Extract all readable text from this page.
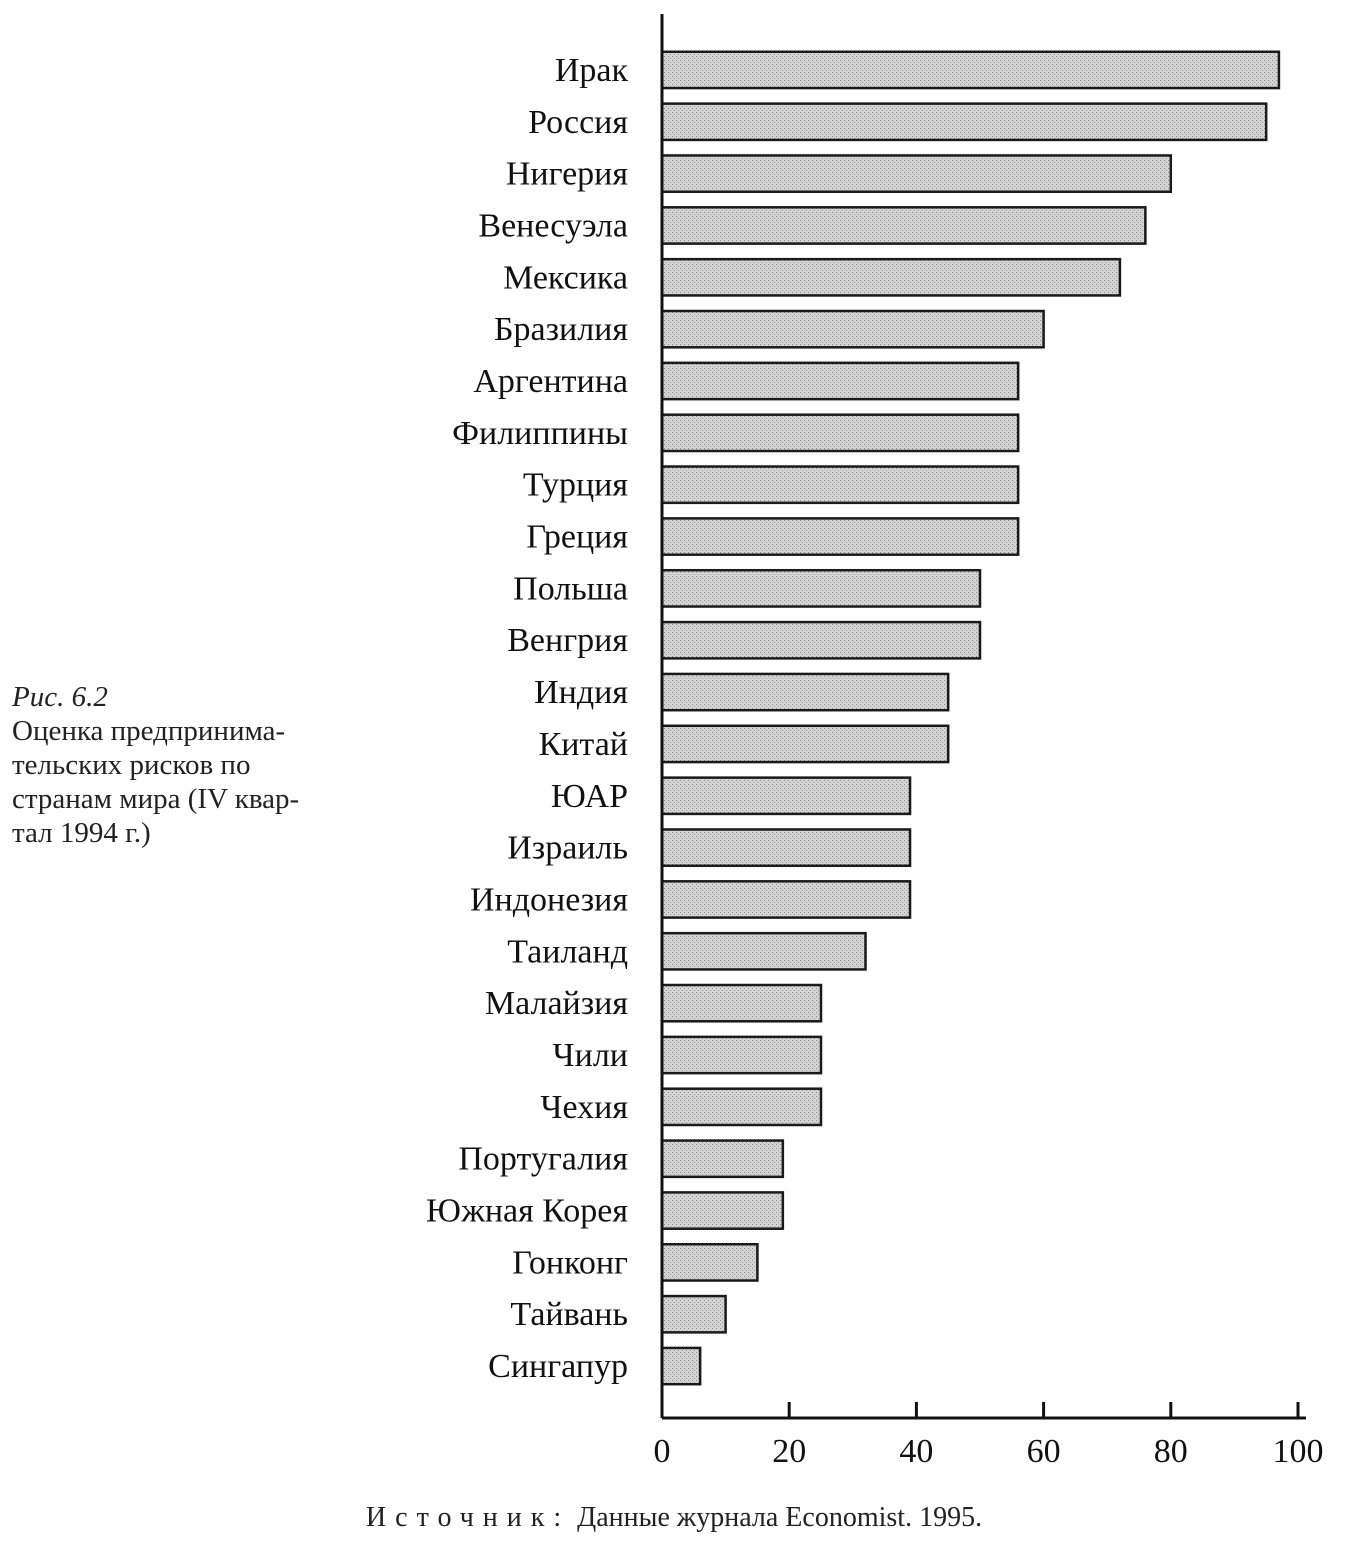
Рис. 6.2
Оценка предпринима-
тельских рисков по
странам мира (IV квар-
тал 1994 г.)
Ирак
Россия
Нигерия
Венесуэла
Мексика
Бразилия
Аргентина
Филиппины
Турция
Греция
Польша
Венгрия
Индия
Китай
ЮАР
Израиль
Индонезия
Таиланд
Малайзия
Чили
Чехия
Португалия
Южная Корея
Гонконг
Тайвань
Сингапур
0	20	40	60	80 100
Источник: Данные журнала Economist. 1995.
